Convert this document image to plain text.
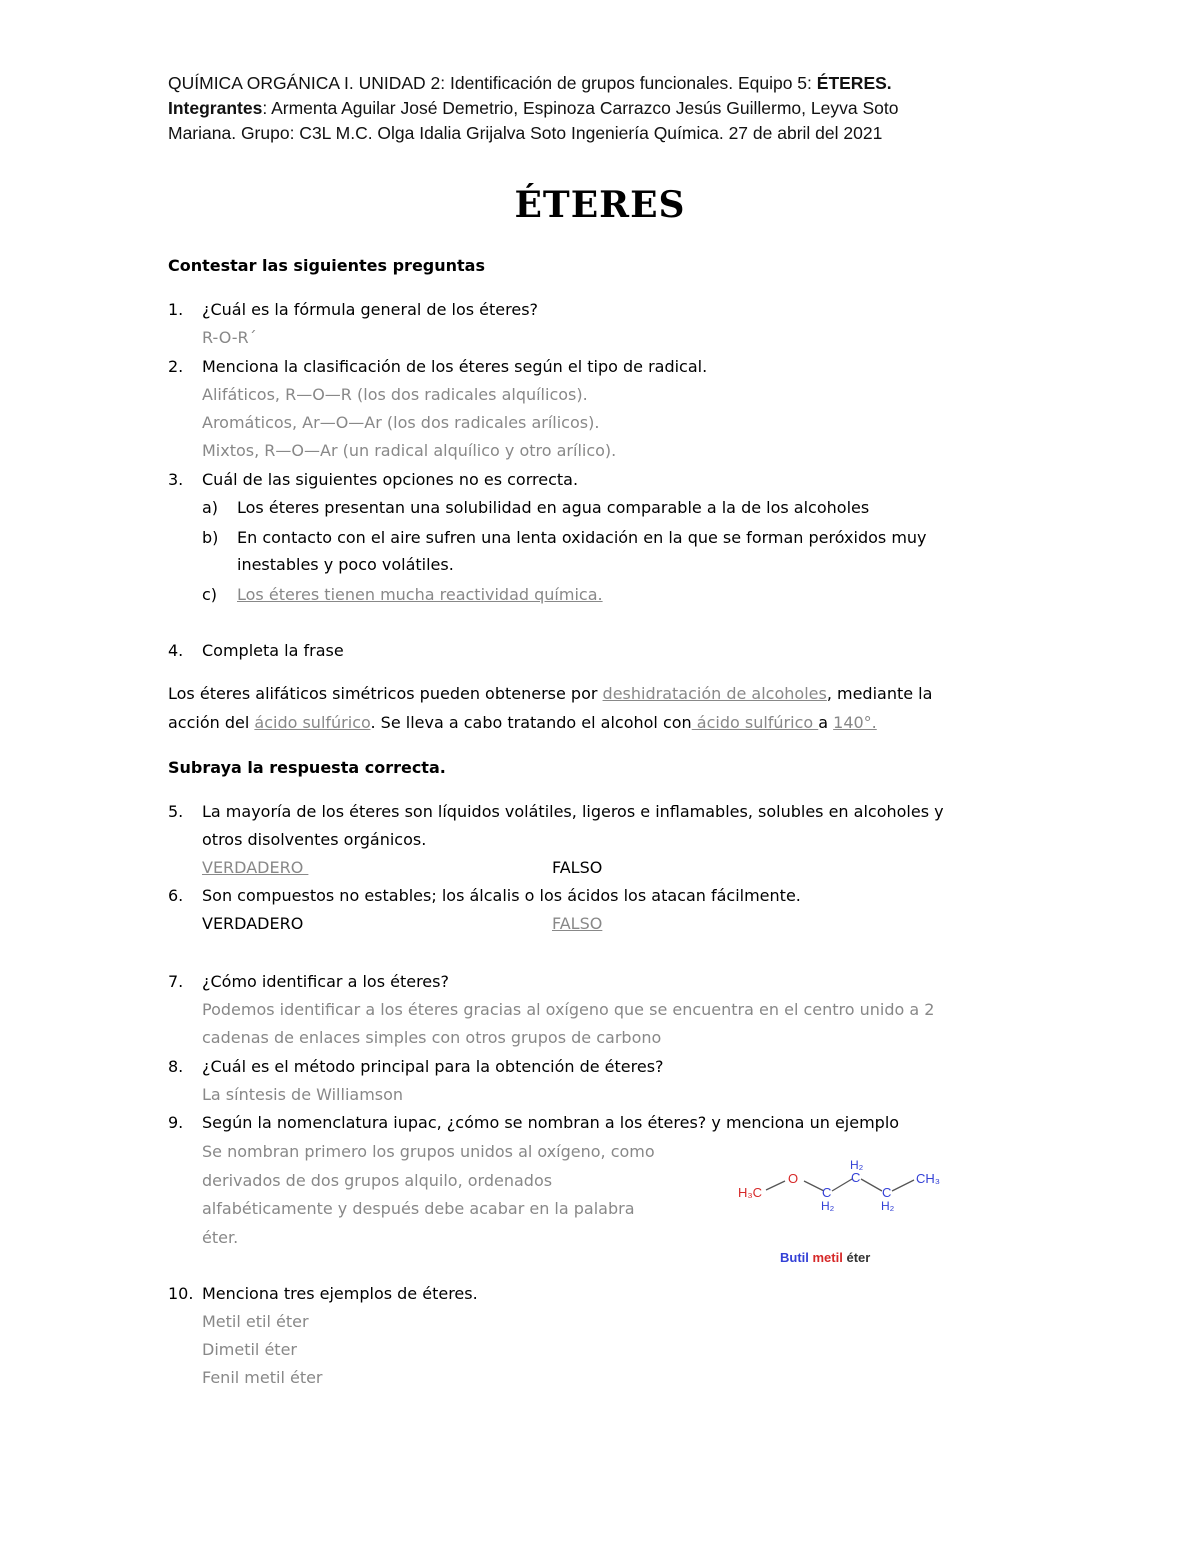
QUÍMICA ORGÁNICA I. UNIDAD 2: Identificación de grupos funcionales. Equipo 5: ÉTERES.
Integrantes: Armenta Aguilar José Demetrio, Espinoza Carrazco Jesús Guillermo, Leyva Soto
Mariana. Grupo: C3L M.C. Olga Idalia Grijalva Soto Ingeniería Química. 27 de abril del 2021
ÉTERES
Contestar las siguientes preguntas
1. ¿Cuál es la fórmula general de los éteres?
R-O-R´
2. Menciona la clasificación de los éteres según el tipo de radical.
Alifáticos, R—O—R (los dos radicales alquílicos).
Aromáticos, Ar—O—Ar (los dos radicales arílicos).
Mixtos, R—O—Ar (un radical alquílico y otro arílico).
3. Cuál de las siguientes opciones no es correcta.
a) Los éteres presentan una solubilidad en agua comparable a la de los alcoholes
b) En contacto con el aire sufren una lenta oxidación en la que se forman peróxidos muy
inestables y poco volátiles.
c) Los éteres tienen mucha reactividad química.
4. Completa la frase
Los éteres alifáticos simétricos pueden obtenerse por deshidratación de alcoholes, mediante la
acción del ácido sulfúrico. Se lleva a cabo tratando el alcohol con ácido sulfúrico a 140°.
Subraya la respuesta correcta.
5. La mayoría de los éteres son líquidos volátiles, ligeros e inflamables, solubles en alcoholes y
otros disolventes orgánicos.
VERDADERO	FALSO
6. Son compuestos no estables; los álcalis o los ácidos los atacan fácilmente.
VERDADERO	FALSO
7. ¿Cómo identificar a los éteres?
Podemos identificar a los éteres gracias al oxígeno que se encuentra en el centro unido a 2
cadenas de enlaces simples con otros grupos de carbono
8. ¿Cuál es el método principal para la obtención de éteres?
La síntesis de Williamson
9. Según la nomenclatura iupac, ¿cómo se nombran a los éteres? y menciona un ejemplo
Se nombran primero los grupos unidos al oxígeno, como
derivados de dos grupos alquilo, ordenados
alfabéticamente y después debe acabar en la palabra
éter.
H₃C
O
C
H₂
C
H₂
C
H₂
CH₃
Butil metil éter
10. Menciona tres ejemplos de éteres.
Metil etil éter
Dimetil éter
Fenil metil éter
